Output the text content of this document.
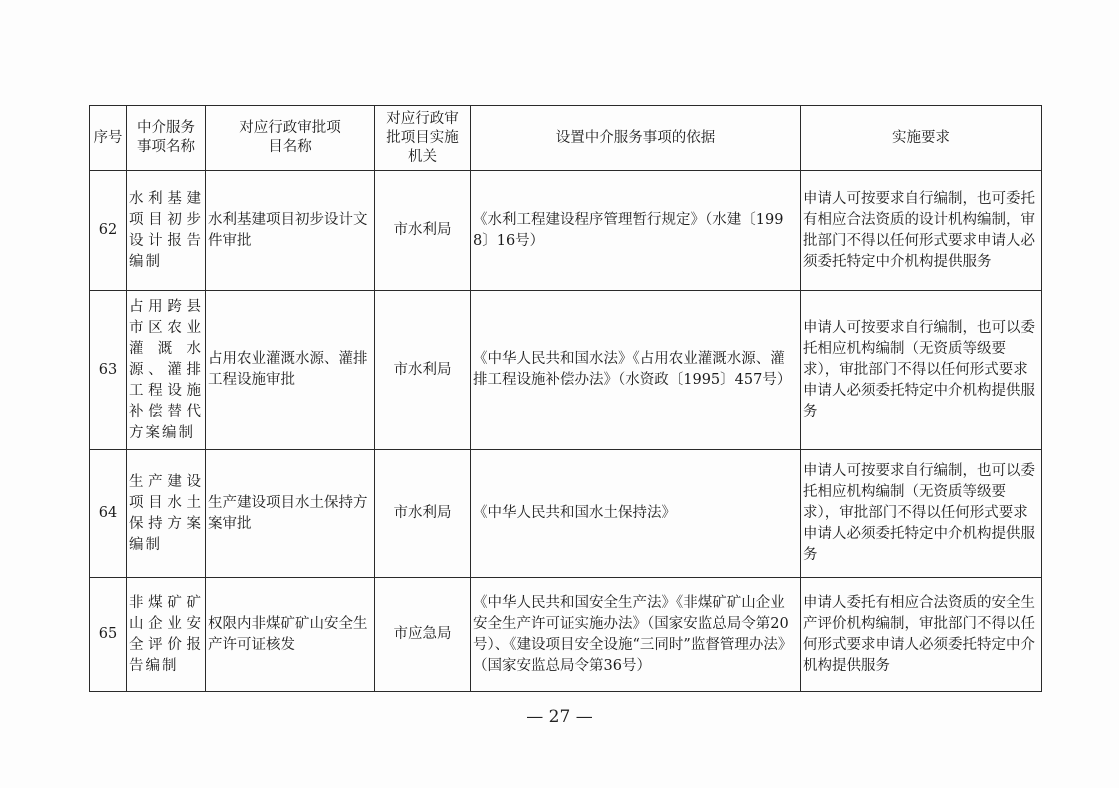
序号	中介服务事项名称	对应行政审批项目名称	对应行政审批项目实施机关	设置中介服务事项的依据	实施要求
62	水利基建项目初步设计报告编制	水利基建项目初步设计文件审批	市水利局	《水利工程建设程序管理暂行规定》（水建〔1998〕16号）	申请人可按要求自行编制，也可委托有相应合法资质的设计机构编制，审批部门不得以任何形式要求申请人必须委托特定中介机构提供服务
63	占用跨县市区农业灌溉水源、灌排工程设施补偿替代方案编制	占用农业灌溉水源、灌排工程设施审批	市水利局	《中华人民共和国水法》《占用农业灌溉水源、灌排工程设施补偿办法》（水资政〔1995〕457号）	申请人可按要求自行编制，也可以委托相应机构编制（无资质等级要求），审批部门不得以任何形式要求申请人必须委托特定中介机构提供服务
64	生产建设项目水土保持方案编制	生产建设项目水土保持方案审批	市水利局	《中华人民共和国水土保持法》	申请人可按要求自行编制，也可以委托相应机构编制（无资质等级要求），审批部门不得以任何形式要求申请人必须委托特定中介机构提供服务
65	非煤矿矿山企业安全评价报告编制	权限内非煤矿矿山安全生产许可证核发	市应急局	《中华人民共和国安全生产法》《非煤矿矿山企业安全生产许可证实施办法》（国家安监总局令第20号）、《建设项目安全设施“三同时”监督管理办法》（国家安监总局令第36号）	申请人委托有相应合法资质的安全生产评价机构编制，审批部门不得以任何形式要求申请人必须委托特定中介机构提供服务
— 27 —
